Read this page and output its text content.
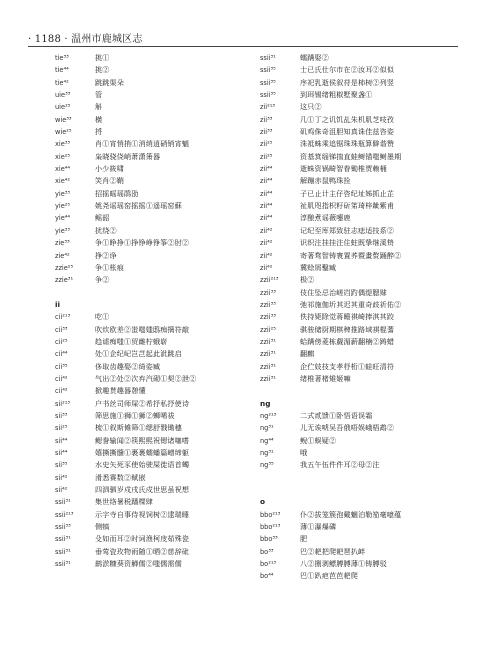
· 1188 · 温州市鹿城区志
tie³³	挑①
tie⁴⁴	挑②
tie⁴²	跳跳渠朵
uie³³	管
uie²⁵	斛
wie³³	横
wie²⁵	捋
xie³³	肖①宵悄捎①消绡逍硝销宵魈
xie²⁵	枭晓骁侥峭萧潇箫器
xie⁴⁴	小少筱啸
xie⁴²	笑肖②鞘
yie³³	招摇暚瑶鹃劭
yie²⁵	姚尧谣瑶窑摇摇①遥瑶窑蘇
yie⁴⁴	鳐韶
yie³³	扰绕②
zie³³	争①睁挣①挣铮峥铮筝②肘②
zie⁴²	挣②诤
zzie²⁵	争①枨痕
zzie³¹	争②
ii
cii²¹³	吃①
cii³³	吹炊欧差②蚩嗤媸鸱痴摛符敲
cii²⁵	趋谑痴嗤①贸雌柠蛾崭
cii⁴⁴	处①企纪屺岂芑起此泚跳启
cii³⁵	侈取齿趣娶②绮姿臧
cii⁴²	气出②处②次弃汽砌①契②泄②
cii⁴²	掀趣贳趣器憩懂
sii²¹³	户书丝司师屎②希抒私抒使诗
sii³³	筛思施①狮①狮②蛳唏祓
sii²⁵	梳①叙斯傩筛①缌舒戮锄穗
sii⁴⁴	鳃誊输闻②筷熙熙祝锶诸噻嗜
sii⁴⁴	嬉撕撕髓①裹裹蠕蟠篇嶒缔躯
sii³⁵	水史矢死豕使始驶屎徙语首蠋
sii⁴²	滑悉赛数②赋嵌
sii⁴²	四泗驷岁戍戌氏戍世思虽祝想
ssii³¹	集世络暑税蹯棵肆
ssii²¹³	示字寺自事侍视饲树②逮瑞睡
ssii³³	侧犒
ssii³¹	殳如而耳②时词渔柯庋茹殊瓷
ssii³¹	垂莺瓷玫物雨随①晒②慈辞砒
ssii³¹	鹚淤糠葵资觯儒②嗤儒需儒
ssii³¹	蠕蹒娶②
ssii³⁵	士已氏仕尔市在②汝耳②似似
ssii³⁵	序祀乳逝侯叙苻是柿树②列竖
ssii³⁵	到珥锡绪粗椒墅聚盏①
zii²¹³	这只②
zii³³	几①丁之讥饥乩朱机肌芝吱孜
zii³³	矶鸡侏奇沮胆知真诛佳兹咨姿
zii²⁵	洙祗蛛乘追锯珠珠瓶算僻谐赞
zii²⁵	资基箕缁锑揣直蛙鲥锚嗤鲥墨期
zii⁴⁴	逝蛛资锅畸智眷锄椎贾赖桶
zii⁴⁴	解蹦赤鼠鸭珠拴
zii⁴⁴	子已止计主仔咨纪址姊抓止芷
zii⁴⁴	祉肌咫指枳籽斫笫琦梓龇紫甫
zii⁴⁴	淳酿煮谣薇嚏鹿
zii⁴²	记纪至厍郑致驻志痣适技系②
zii⁴²	识织注挂挂注住蛀既挚继溪贽
zii⁴²	寄著骛智铸寰置荞暨畫赘踊醉②
zii⁴²	冀赊屑鑿臧
zzii²¹³	极②
zzii³³	伎住坠忌治嵯岿趵偶缇腮赇
zzii³³	弛祁施伽圻其迟其重奇歧祈佑②
zzii³³	佚持毙除觉蒋睡祺崎捧淇其跤
zzii²⁵	骐骏储厨期棋稗推路域祺棍蓍
zzii³¹	蛤蹒傍菱栋觑湄薪翻楠②踌蜡
zzii³¹	翻麒
zzii³¹	企伫妓技支孝杼桁①蛙旺清符
zzii³¹	绪椎著楮雉姬嘛
ng
ng²¹³	二式贰馈①卧悟语误霜
ng³¹	儿无诶唬吴吾俄唔娱峨梧鹉②
ng⁴⁴	鲵①蜈疑②
ng³¹	哦
ng³⁵	我五午伍件件耳②母②注
o
bbo²¹³	仆②拔笼簇孢戴魍泊勒笳毫噫蕴
bbo²¹³	薄①瀑爆磷
bbo³³	肥
bo³³	巴②耙把爬耙琶扒衅
bo²¹³	八②捌剥鳔膊膊薄①铸膊驳
bo⁴⁴	巴①趴疤芭芭耙爬
